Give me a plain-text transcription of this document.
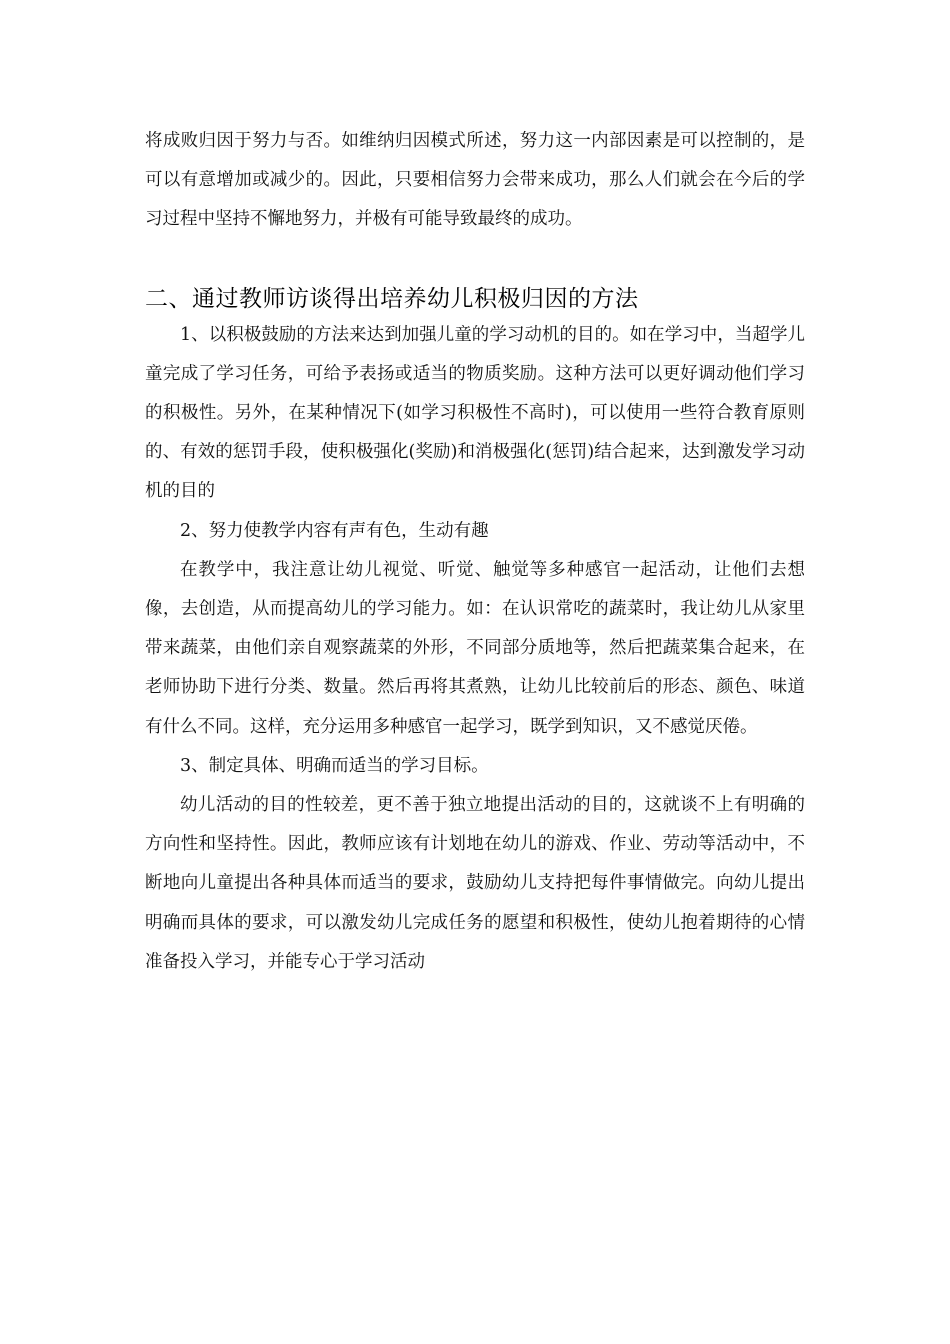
将成败归因于努力与否。如维纳归因模式所述，努力这一内部因素是可以控制的，是可以有意增加或减少的。因此，只要相信努力会带来成功，那么人们就会在今后的学习过程中坚持不懈地努力，并极有可能导致最终的成功。

二、通过教师访谈得出培养幼儿积极归因的方法

1、以积极鼓励的方法来达到加强儿童的学习动机的目的。如在学习中，当超学儿童完成了学习任务，可给予表扬或适当的物质奖励。这种方法可以更好调动他们学习的积极性。另外，在某种情况下(如学习积极性不高时)，可以使用一些符合教育原则的、有效的惩罚手段，使积极强化(奖励)和消极强化(惩罚)结合起来，达到激发学习动机的目的

2、努力使教学内容有声有色，生动有趣

在教学中，我注意让幼儿视觉、听觉、触觉等多种感官一起活动，让他们去想像，去创造，从而提高幼儿的学习能力。如：在认识常吃的蔬菜时，我让幼儿从家里带来蔬菜，由他们亲自观察蔬菜的外形，不同部分质地等，然后把蔬菜集合起来，在老师协助下进行分类、数量。然后再将其煮熟，让幼儿比较前后的形态、颜色、味道有什么不同。这样，充分运用多种感官一起学习，既学到知识，又不感觉厌倦。

3、制定具体、明确而适当的学习目标。

幼儿活动的目的性较差，更不善于独立地提出活动的目的，这就谈不上有明确的方向性和坚持性。因此，教师应该有计划地在幼儿的游戏、作业、劳动等活动中，不断地向儿童提出各种具体而适当的要求，鼓励幼儿支持把每件事情做完。向幼儿提出明确而具体的要求，可以激发幼儿完成任务的愿望和积极性，使幼儿抱着期待的心情准备投入学习，并能专心于学习活动
